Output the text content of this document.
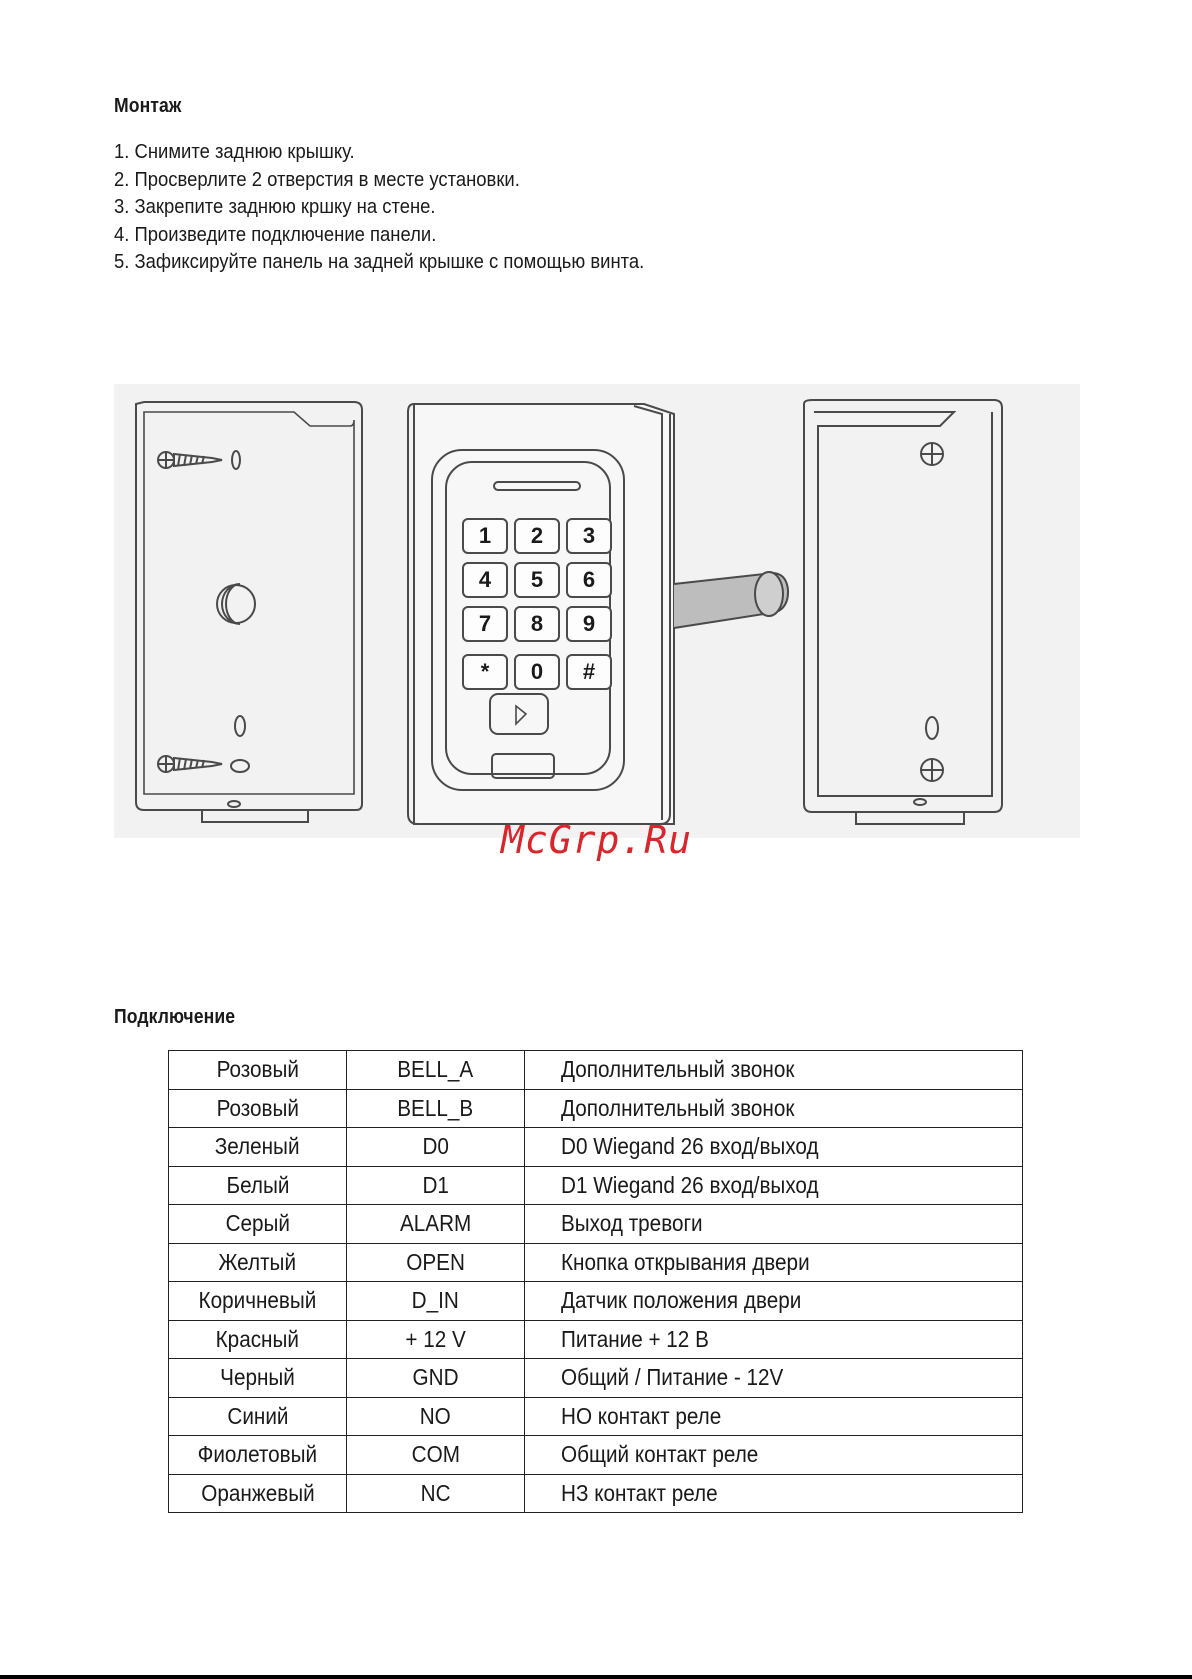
Монтаж
1. Снимите заднюю крышку.
2. Просверлите 2 отверстия в месте установки.
3. Закрепите заднюю кршку на стене.
4. Произведите подключение панели.
5. Зафиксируйте панель на задней крышке с помощью винта.
1	2	3
4	5	6
7	8	9
*	0	#
McGrp.Ru
Подключение
Розовый	BELL_A	Дополнительный звонок
Розовый	BELL_B	Дополнительный звонок
Зеленый	D0	D0 Wiegand 26 вход/выход
Белый	D1	D1 Wiegand 26 вход/выход
Серый	ALARM	Выход тревоги
Желтый	OPEN	Кнопка открывания двери
Коричневый	D_IN	Датчик положения двери
Красный	+ 12 V	Питание + 12 В
Черный	GND	Общий / Питание - 12V
Синий	NO	НО контакт реле
Фиолетовый	COM	Общий контакт реле
Оранжевый	NC	НЗ контакт реле
